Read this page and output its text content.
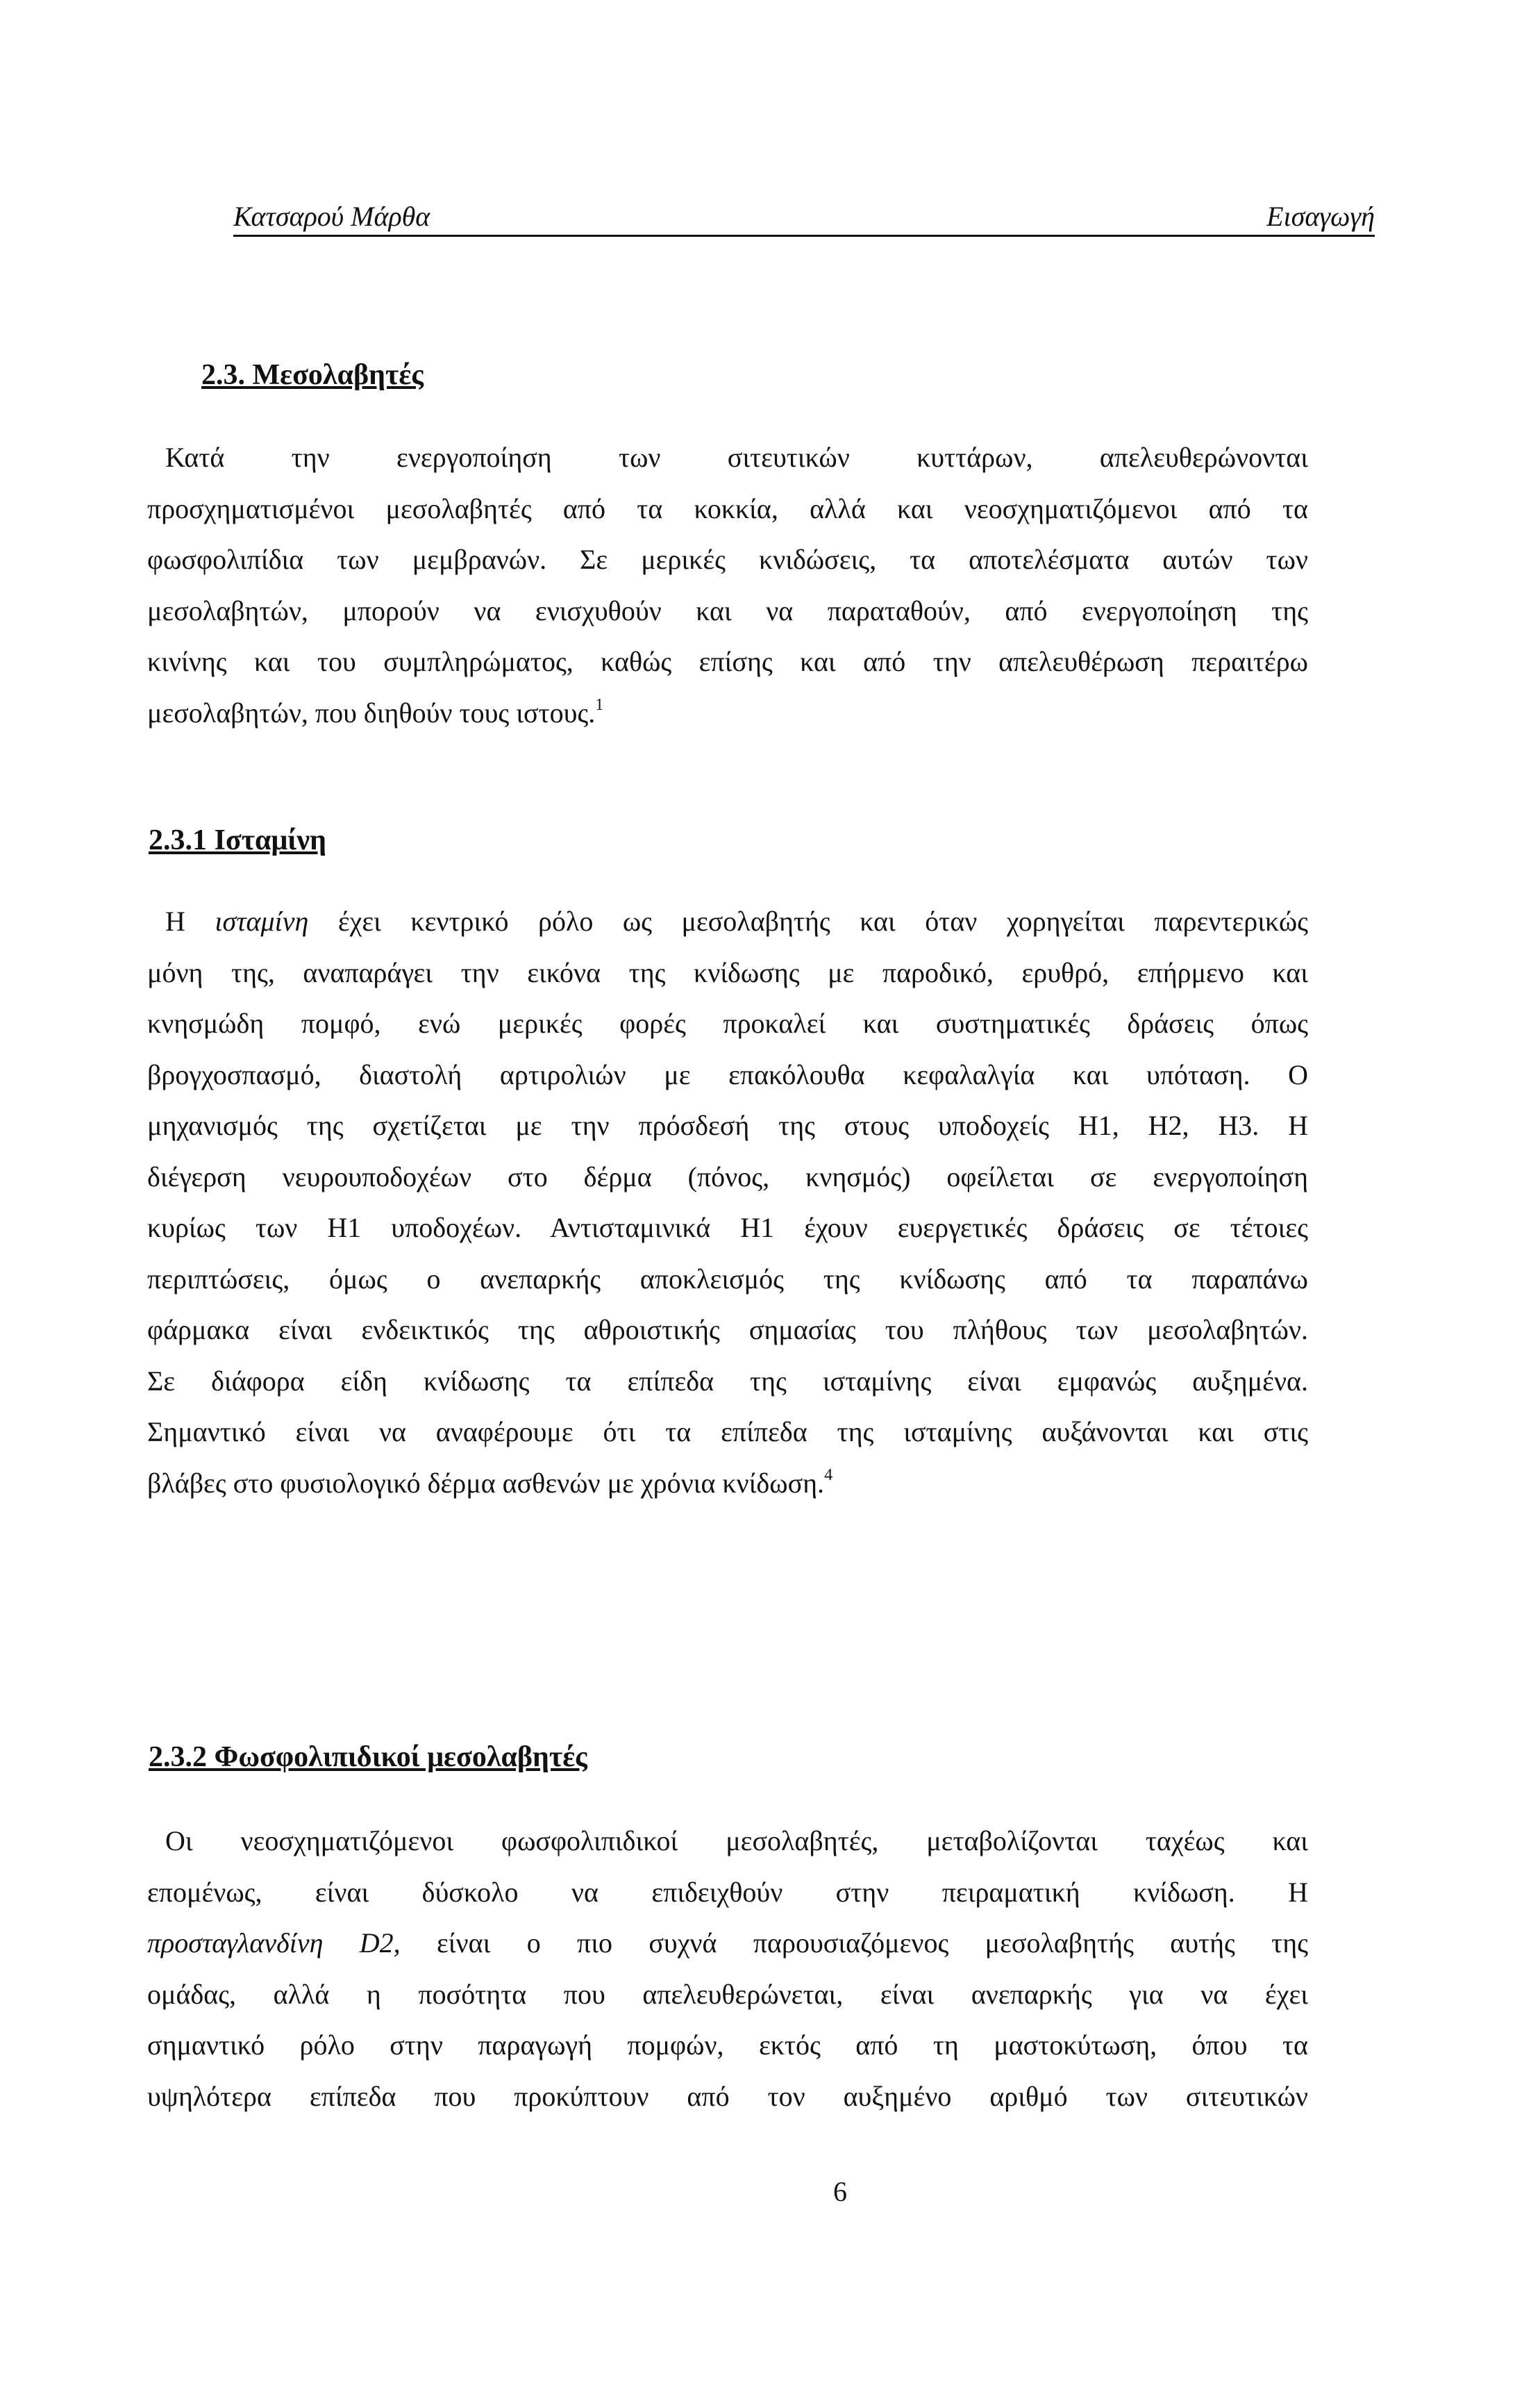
Κατσαρού Μάρθα	Εισαγωγή
2.3. Μεσολαβητές
Κατά την ενεργοποίηση των σιτευτικών κυττάρων, απελευθερώνονται
προσχηματισμένοι μεσολαβητές από τα κοκκία, αλλά και νεοσχηματιζόμενοι από τα
φωσφολιπίδια των μεμβρανών. Σε μερικές κνιδώσεις, τα αποτελέσματα αυτών των
μεσολαβητών, μπορούν να ενισχυθούν και να παραταθούν, από ενεργοποίηση της
κινίνης και του συμπληρώματος, καθώς επίσης και από την απελευθέρωση περαιτέρω
μεσολαβητών, που διηθούν τους ιστους.$^1$
2.3.1 Ισταμίνη
Η ισταμίνη έχει κεντρικό ρόλο ως μεσολαβητής και όταν χορηγείται παρεντερικώς
μόνη της, αναπαράγει την εικόνα της κνίδωσης με παροδικό, ερυθρό, επήρμενο και
κνησμώδη πομφό, ενώ μερικές φορές προκαλεί και συστηματικές δράσεις όπως
βρογχοσπασμό, διαστολή αρτιρολιών με επακόλουθα κεφαλαλγία και υπόταση. Ο
μηχανισμός της σχετίζεται με την πρόσδεσή της στους υποδοχείς Η1, Η2, Η3. Η
διέγερση νευρουποδοχέων στο δέρμα (πόνος, κνησμός) οφείλεται σε ενεργοποίηση
κυρίως των Η1 υποδοχέων. Αντισταμινικά Η1 έχουν ευεργετικές δράσεις σε τέτοιες
περιπτώσεις, όμως ο ανεπαρκής αποκλεισμός της κνίδωσης από τα παραπάνω
φάρμακα είναι ενδεικτικός της αθροιστικής σημασίας του πλήθους των μεσολαβητών.
Σε διάφορα είδη κνίδωσης τα επίπεδα της ισταμίνης είναι εμφανώς αυξημένα.
Σημαντικό είναι να αναφέρουμε ότι τα επίπεδα της ισταμίνης αυξάνονται και στις
βλάβες στο φυσιολογικό δέρμα ασθενών με χρόνια κνίδωση.$^4$
2.3.2 Φωσφολιπιδικοί μεσολαβητές
Οι νεοσχηματιζόμενοι φωσφολιπιδικοί μεσολαβητές, μεταβολίζονται ταχέως και
επομένως, είναι δύσκολο να επιδειχθούν στην πειραματική κνίδωση. Η
προσταγλανδίνη D2, είναι ο πιο συχνά παρουσιαζόμενος μεσολαβητής αυτής της
ομάδας, αλλά η ποσότητα που απελευθερώνεται, είναι ανεπαρκής για να έχει
σημαντικό ρόλο στην παραγωγή πομφών, εκτός από τη μαστοκύτωση, όπου τα
υψηλότερα επίπεδα που προκύπτουν από τον αυξημένο αριθμό των σιτευτικών
6
